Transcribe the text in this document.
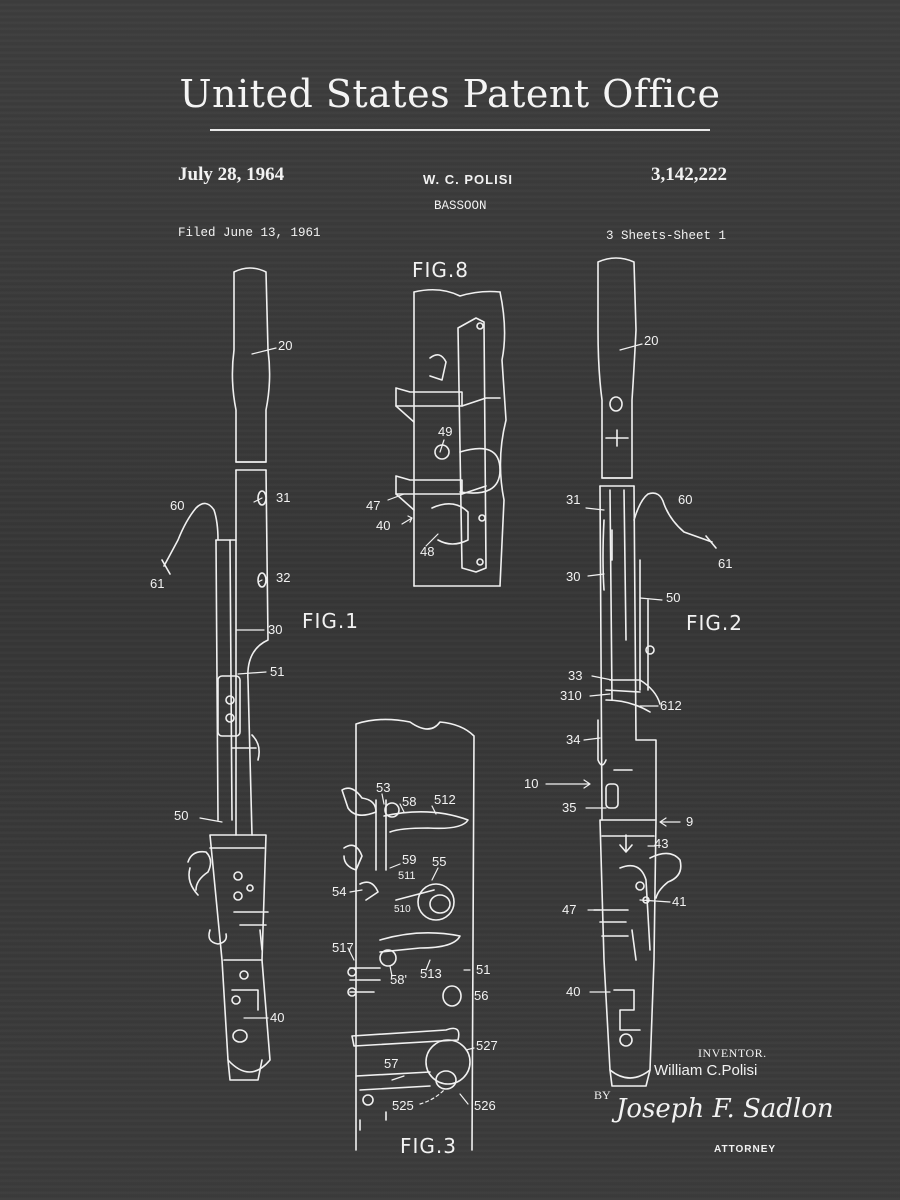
United States Patent Office
July 28, 1964	W. C. POLISI	3,142,222
BASSOON
Filed June 13, 1961	3 Sheets-Sheet 1
FIG.8
FIG.1	FIG.2
FIG.3
20
60
61
31
32
30
51
50
40
20
31	60
61
30
50
33
310
612
34
10
35
9
43
41
47
40
49
47
40
48
53
58 512
59 55
511
54
510
517
58' 513	51
56
527
57
525	526
INVENTOR.
William C.Polisi
BY Joseph F. Sadlon
ATTORNEY
